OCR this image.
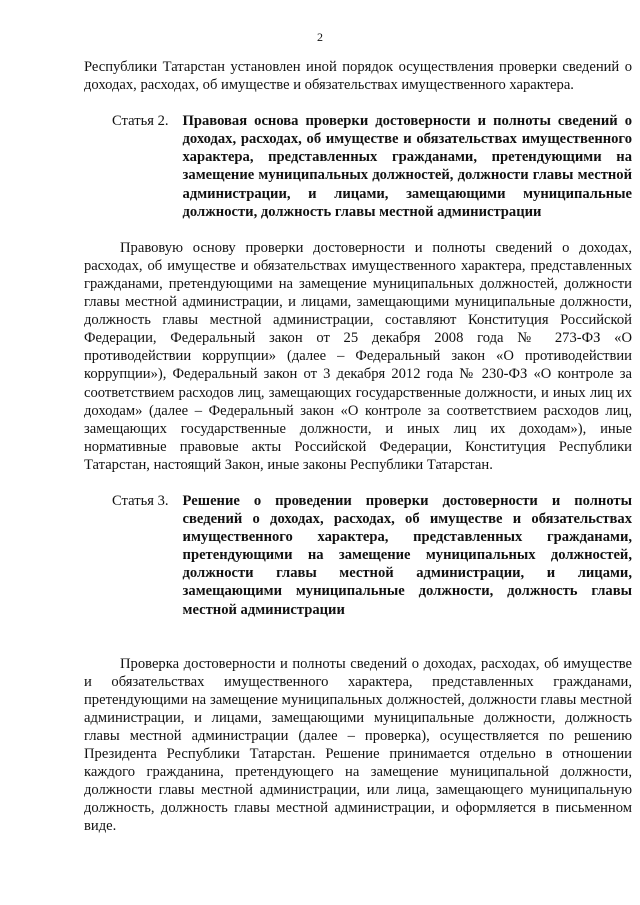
2

Республики Татарстан установлен иной порядок осуществления проверки сведений о доходах, расходах, об имуществе и обязательствах имущественного характера.

Статья 2. Правовая основа проверки достоверности и полноты сведений о доходах, расходах, об имуществе и обязательствах имущественного характера, представленных гражданами, претендующими на замещение муниципальных должностей, должности главы местной администрации, и лицами, замещающими муниципальные должности, должность главы местной администрации

Правовую основу проверки достоверности и полноты сведений о доходах, расходах, об имуществе и обязательствах имущественного характера, представленных гражданами, претендующими на замещение муниципальных должностей, должности главы местной администрации, и лицами, замещающими муниципальные должности, должность главы местной администрации, составляют Конституция Российской Федерации, Федеральный закон от 25 декабря 2008 года № 273-ФЗ «О противодействии коррупции» (далее – Федеральный закон «О противодействии коррупции»), Федеральный закон от 3 декабря 2012 года № 230-ФЗ «О контроле за соответствием расходов лиц, замещающих государственные должности, и иных лиц их доходам» (далее – Федеральный закон «О контроле за соответствием расходов лиц, замещающих государственные должности, и иных лиц их доходам»), иные нормативные правовые акты Российской Федерации, Конституция Республики Татарстан, настоящий Закон, иные законы Республики Татарстан.

Статья 3. Решение о проведении проверки достоверности и полноты сведений о доходах, расходах, об имуществе и обязательствах имущественного характера, представленных гражданами, претендующими на замещение муниципальных должностей, должности главы местной администрации, и лицами, замещающими муниципальные должности, должность главы местной администрации

Проверка достоверности и полноты сведений о доходах, расходах, об имуществе и обязательствах имущественного характера, представленных гражданами, претендующими на замещение муниципальных должностей, должности главы местной администрации, и лицами, замещающими муниципальные должности, должность главы местной администрации (далее – проверка), осуществляется по решению Президента Республики Татарстан. Решение принимается отдельно в отношении каждого гражданина, претендующего на замещение муниципальной должности, должности главы местной администрации, или лица, замещающего муниципальную должность, должность главы местной администрации, и оформляется в письменном виде.
